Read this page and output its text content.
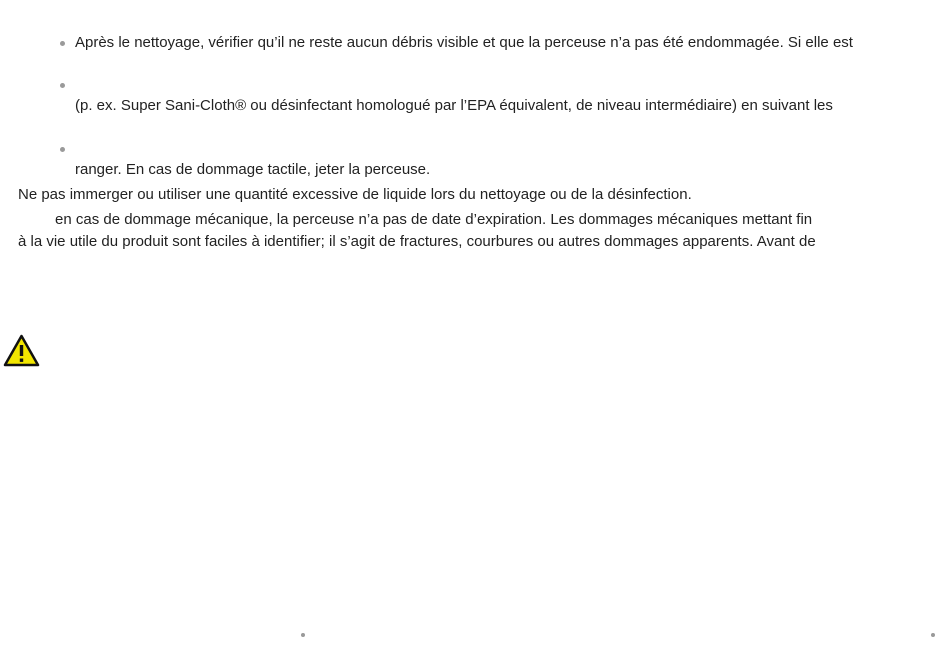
Après le nettoyage, vérifier qu’il ne reste aucun débris visible et que la perceuse n’a pas été endommagée. Si elle est
(p. ex. Super Sani-Cloth® ou désinfectant homologué par l’EPA équivalent, de niveau intermédiaire) en suivant les
ranger. En cas de dommage tactile, jeter la perceuse.
Ne pas immerger ou utiliser une quantité excessive de liquide lors du nettoyage ou de la désinfection.
en cas de dommage mécanique, la perceuse n’a pas de date d’expiration. Les dommages mécaniques mettant fin
à la vie utile du produit sont faciles à identifier; il s’agit de fractures, courbures ou autres dommages apparents. Avant de
